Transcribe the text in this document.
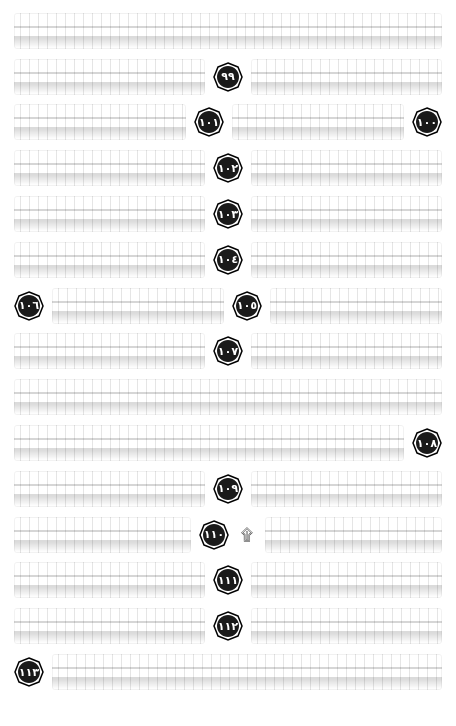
٩٩
١٠٠
١٠١
١٠٢
١٠٣
١٠٤
١٠٥
١٠٦
١٠٧
١٠٨
١٠٩
۩
١١٠
١١١
١١٢
١١٣
